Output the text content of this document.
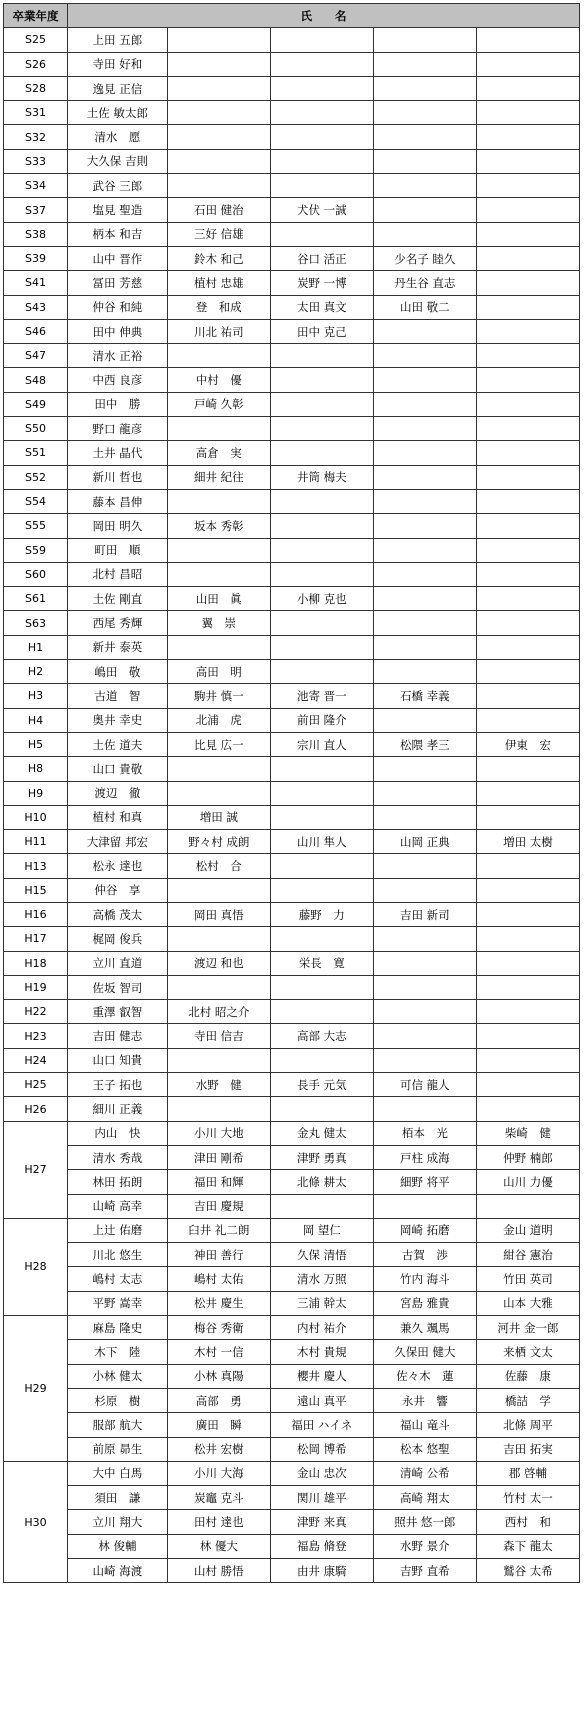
卒業年度	氏　　名				
S25	上田 五郎				
S26	寺田 好和				
S28	逸見 正信				
S31	土佐 敏太郎				
S32	清水　愿				
S33	大久保 吉則				
S34	武谷 三郎				
S37	塩見 聖造	石田 健治	犬伏 一誠		
S38	柄本 和吉	三好 信雄			
S39	山中 晋作	鈴木 和己	谷口 活正	少名子 睦久	
S41	冨田 芳慈	植村 忠雄	炭野 一博	丹生谷 直志	
S43	仲谷 和純	登　和成	太田 真文	山田 敬二	
S46	田中 伸典	川北 祐司	田中 克己		
S47	清水 正裕				
S48	中西 良彦	中村　優			
S49	田中　勝	戸崎 久彰			
S50	野口 龍彦				
S51	土井 晶代	高倉　実			
S52	新川 哲也	細井 紀往	井筒 梅夫		
S54	藤本 昌伸				
S55	岡田 明久	坂本 秀彰			
S59	町田　順				
S60	北村 昌昭				
S61	土佐 剛直	山田　眞	小柳 克也		
S63	西尾 秀輝	翼　崇			
H1	新井 泰英				
H2	嶋田　敬	高田　明			
H3	古道　智	駒井 慎一	池寄 晋一	石橋 幸義	
H4	奥井 幸史	北浦　虎	前田 隆介		
H5	土佐 道夫	比見 広一	宗川 直人	松隈 孝三	伊東　宏
H8	山口 貴敬				
H9	渡辺　徹				
H10	植村 和真	増田 誠			
H11	大津留 邦宏	野々村 成朗	山川 隼人	山岡 正典	増田 太樹
H13	松永 達也	松村　合			
H15	仲谷　享				
H16	高橋 茂太	岡田 真悟	藤野　力	吉田 新司	
H17	梶岡 俊兵				
H18	立川 直道	渡辺 和也	栄長　寛		
H19	佐坂 智司				
H22	重澤 叡智	北村 昭之介			
H23	吉田 健志	寺田 信吉	高部 大志		
H24	山口 知貴				
H25	王子 拓也	水野　健	長手 元気	可信 龍人	
H26	細川 正義				
H27	内山　快	小川 大地	金丸 健太	栢本　光	柴崎　健
	清水 秀哉	津田 剛希	津野 勇真	戸柱 成海	仲野 楠郎
	林田 拓朗	福田 和輝	北條 耕太	細野 将平	山川 力優
	山崎 高幸	吉田 慶規			
H28	上辻 佑磨	臼井 礼二朗	岡 望仁	岡崎 拓磨	金山 道明
	川北 悠生	神田 善行	久保 清悟	古賀　渉	紺谷 憲治
	嶋村 太志	嶋村 太佑	清水 万照	竹内 海斗	竹田 英司
	平野 嵩幸	松井 慶生	三浦 幹太	宮島 雅貴	山本 大雅
H29	麻島 隆史	梅谷 秀衛	内村 祐介	兼久 颯馬	河井 金一郎
	木下　陸	木村 一信	木村 貴規	久保田 健大	来栖 文太
	小林 健太	小林 真陽	櫻井 慶人	佐々木　蓮	佐藤　康
	杉原　樹	高部　勇	遠山 真平	永井　響	橋詰　学
	服部 航大	廣田　瞬	福田 ハイネ	福山 竜斗	北條 周平
	前原 昴生	松井 宏樹	松岡 博希	松本 悠聖	吉田 拓実
H30	大中 白馬	小川 大海	金山 忠次	清崎 公希	郡 啓輔
	須田　謙	炭竈 克斗	関川 雄平	高崎 翔太	竹村 太一
	立川 翔大	田村 達也	津野 来真	照井 悠一郎	西村　和
	林 俊輔	林 優大	福島 脩登	水野 景介	森下 龍太
	山崎 海渡	山村 勝悟	由井 康騎	吉野 直希	鷲谷 太希
